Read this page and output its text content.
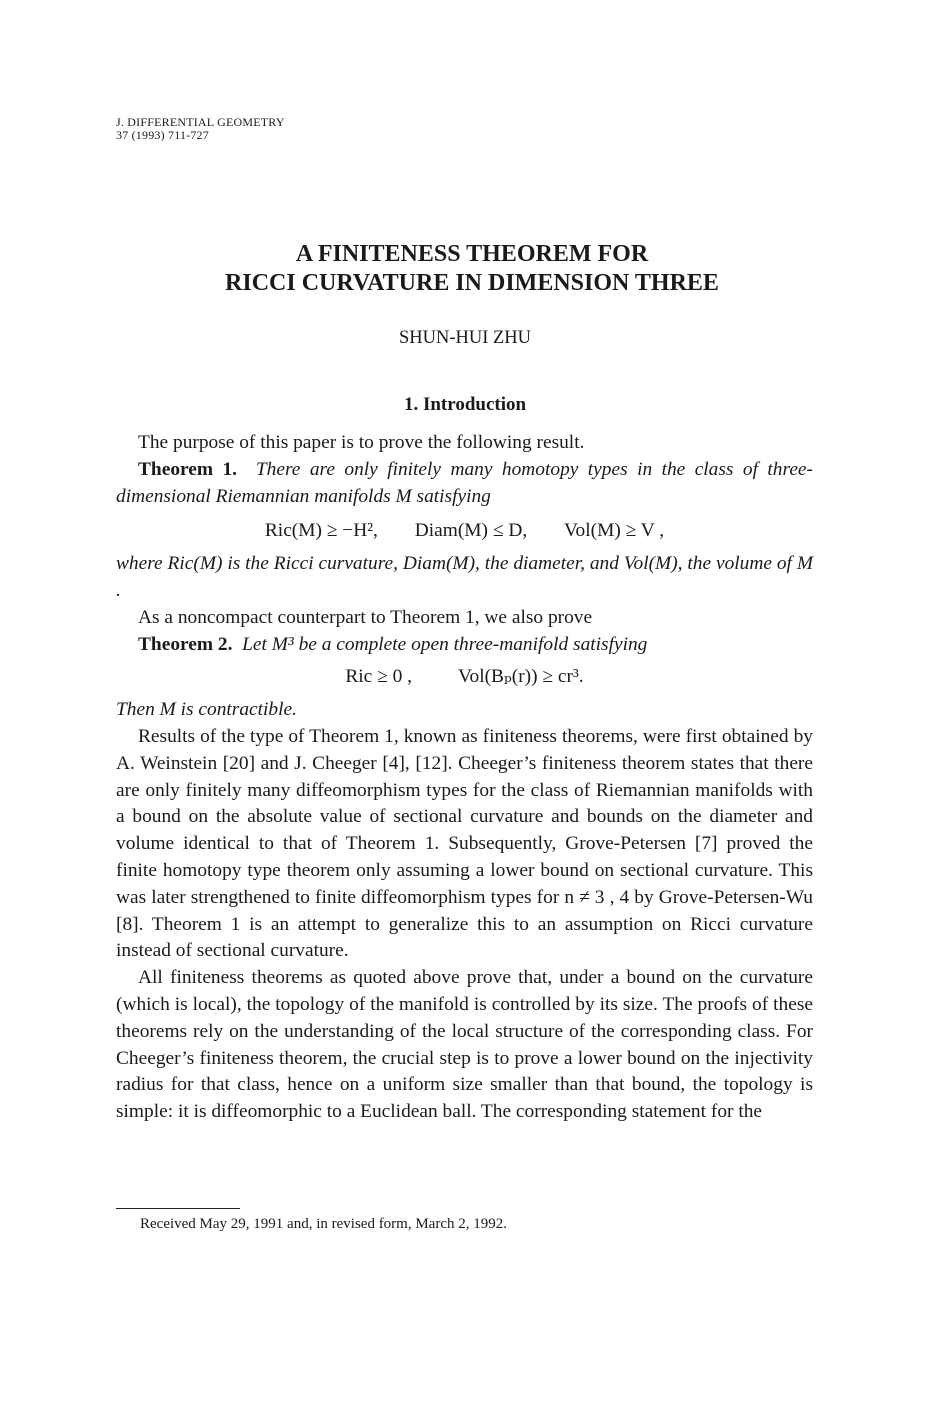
J. DIFFERENTIAL GEOMETRY
37 (1993) 711-727
A FINITENESS THEOREM FOR
RICCI CURVATURE IN DIMENSION THREE
SHUN-HUI ZHU
1. Introduction

The purpose of this paper is to prove the following result.

Theorem 1. There are only finitely many homotopy types in the class of three-dimensional Riemannian manifolds M satisfying

Ric(M) ≥ −H², Diam(M) ≤ D, Vol(M) ≥ V ,

where Ric(M) is the Ricci curvature, Diam(M), the diameter, and Vol(M), the volume of M .

As a noncompact counterpart to Theorem 1, we also prove

Theorem 2. Let M³ be a complete open three-manifold satisfying

Ric ≥ 0 , Vol(Bₚ(r)) ≥ cr³.

Then M is contractible.

Results of the type of Theorem 1, known as finiteness theorems, were first obtained by A. Weinstein [20] and J. Cheeger [4], [12]. Cheeger’s finiteness theorem states that there are only finitely many diffeomorphism types for the class of Riemannian manifolds with a bound on the absolute value of sectional curvature and bounds on the diameter and volume identical to that of Theorem 1. Subsequently, Grove-Petersen [7] proved the finite homotopy type theorem only assuming a lower bound on sectional curvature. This was later strengthened to finite diffeomorphism types for n ≠ 3 , 4 by Grove-Petersen-Wu [8]. Theorem 1 is an attempt to generalize this to an assumption on Ricci curvature instead of sectional curvature.

All finiteness theorems as quoted above prove that, under a bound on the curvature (which is local), the topology of the manifold is controlled by its size. The proofs of these theorems rely on the understanding of the local structure of the corresponding class. For Cheeger’s finiteness theorem, the crucial step is to prove a lower bound on the injectivity radius for that class, hence on a uniform size smaller than that bound, the topology is simple: it is diffeomorphic to a Euclidean ball. The corresponding statement for the

Received May 29, 1991 and, in revised form, March 2, 1992.
